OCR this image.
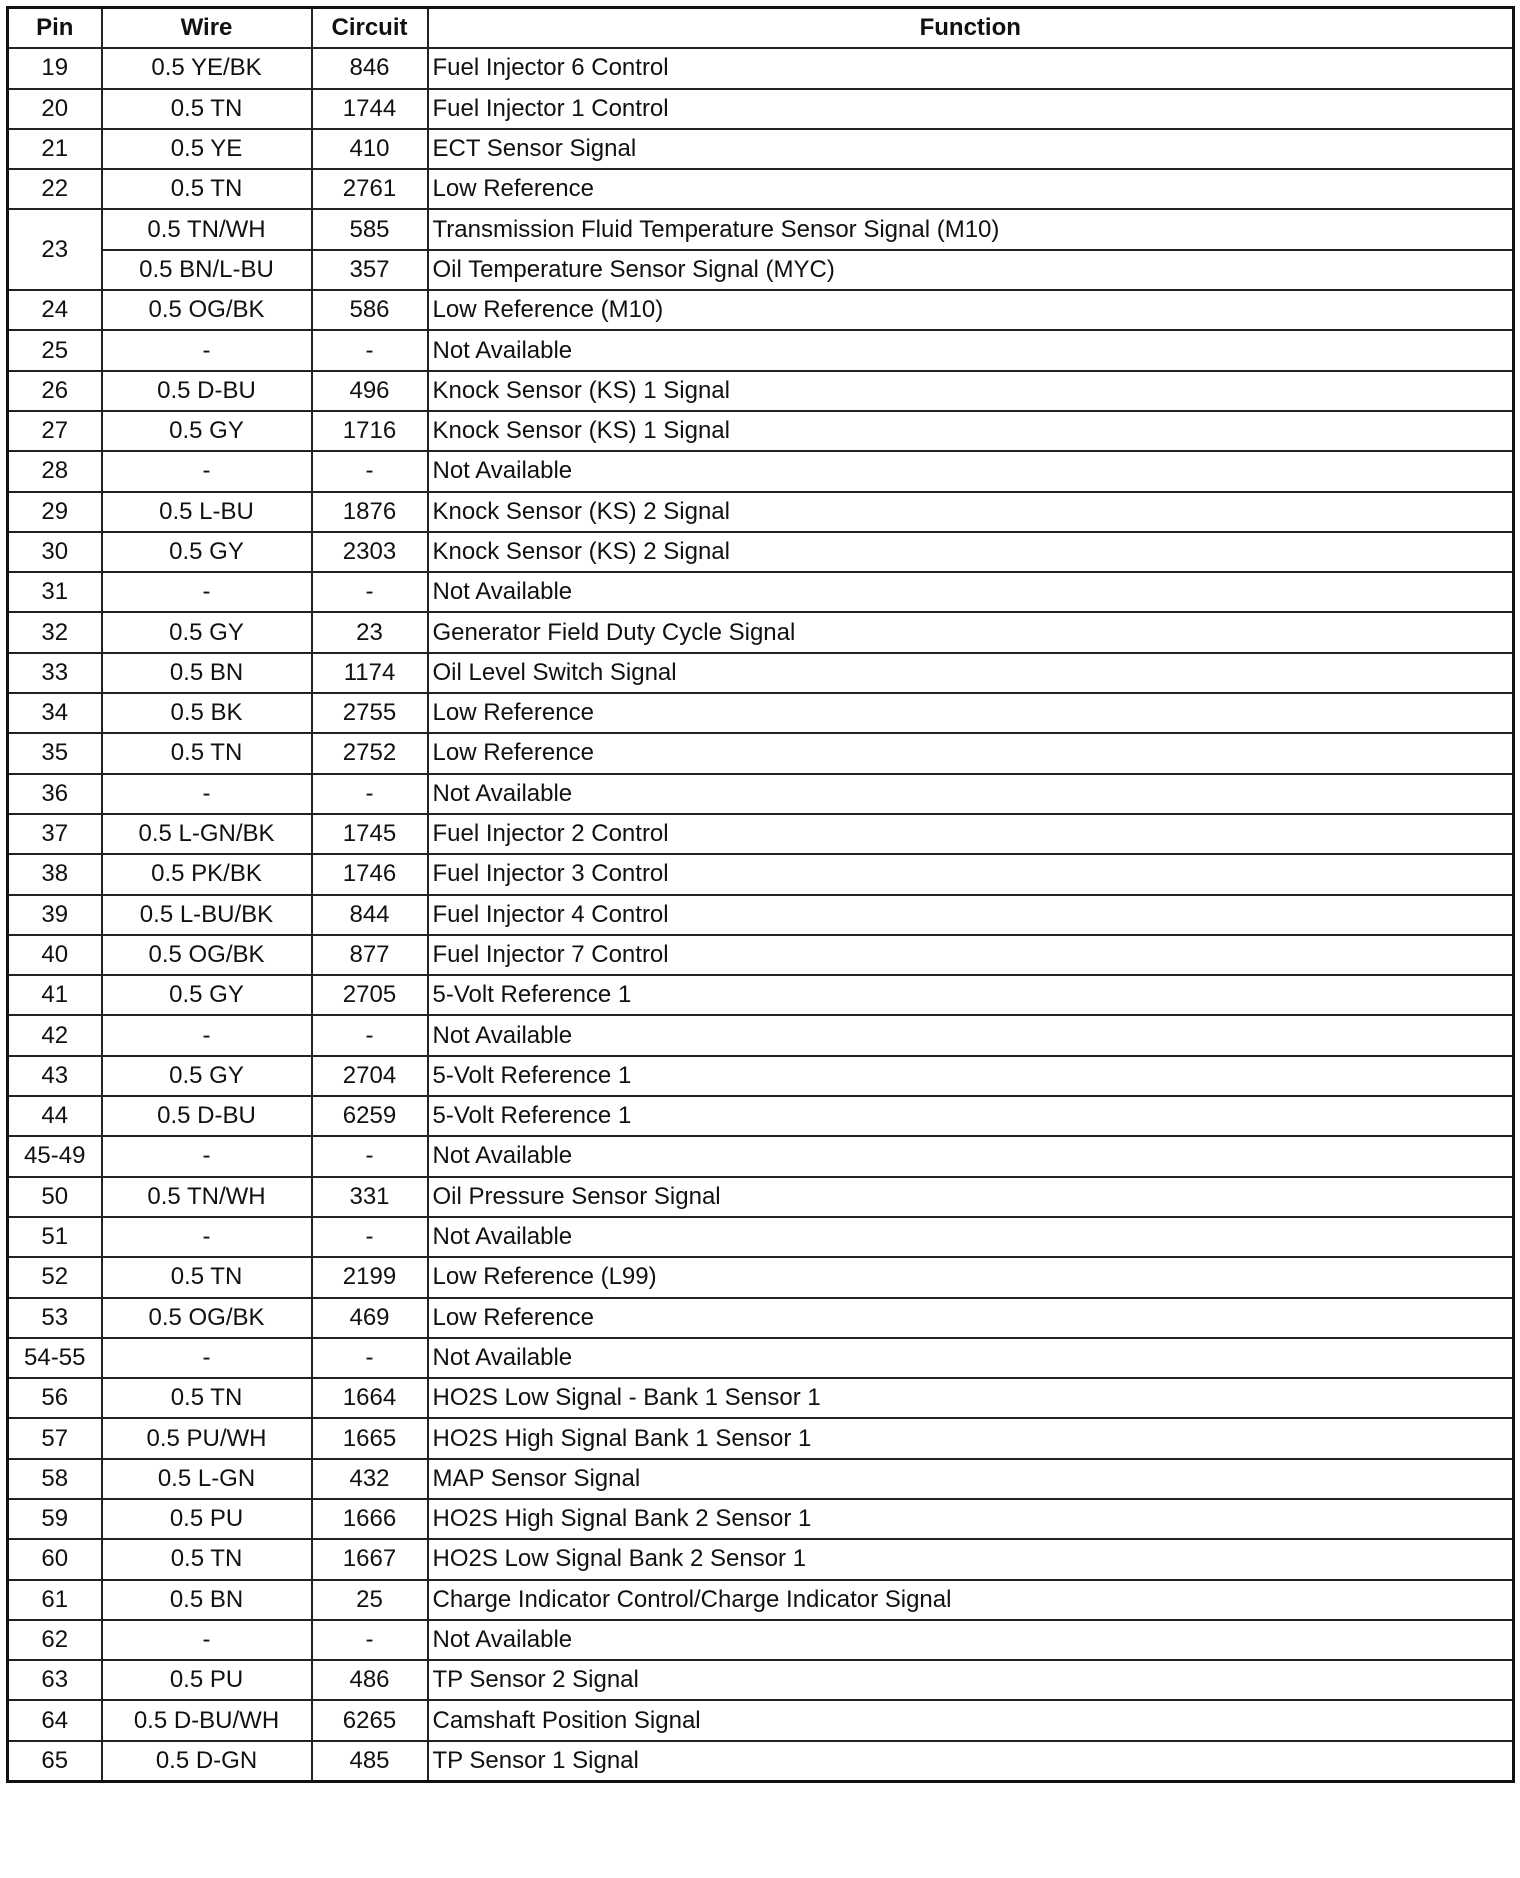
Pin	Wire	Circuit	Function
19	0.5 YE/BK	846	Fuel Injector 6 Control
20	0.5 TN	1744	Fuel Injector 1 Control
21	0.5 YE	410	ECT Sensor Signal
22	0.5 TN	2761	Low Reference
23	0.5 TN/WH	585	Transmission Fluid Temperature Sensor Signal (M10)
	0.5 BN/L-BU	357	Oil Temperature Sensor Signal (MYC)
24	0.5 OG/BK	586	Low Reference (M10)
25	-	-	Not Available
26	0.5 D-BU	496	Knock Sensor (KS) 1 Signal
27	0.5 GY	1716	Knock Sensor (KS) 1 Signal
28	-	-	Not Available
29	0.5 L-BU	1876	Knock Sensor (KS) 2 Signal
30	0.5 GY	2303	Knock Sensor (KS) 2 Signal
31	-	-	Not Available
32	0.5 GY	23	Generator Field Duty Cycle Signal
33	0.5 BN	1174	Oil Level Switch Signal
34	0.5 BK	2755	Low Reference
35	0.5 TN	2752	Low Reference
36	-	-	Not Available
37	0.5 L-GN/BK	1745	Fuel Injector 2 Control
38	0.5 PK/BK	1746	Fuel Injector 3 Control
39	0.5 L-BU/BK	844	Fuel Injector 4 Control
40	0.5 OG/BK	877	Fuel Injector 7 Control
41	0.5 GY	2705	5-Volt Reference 1
42	-	-	Not Available
43	0.5 GY	2704	5-Volt Reference 1
44	0.5 D-BU	6259	5-Volt Reference 1
45-49	-	-	Not Available
50	0.5 TN/WH	331	Oil Pressure Sensor Signal
51	-	-	Not Available
52	0.5 TN	2199	Low Reference (L99)
53	0.5 OG/BK	469	Low Reference
54-55	-	-	Not Available
56	0.5 TN	1664	HO2S Low Signal - Bank 1 Sensor 1
57	0.5 PU/WH	1665	HO2S High Signal Bank 1 Sensor 1
58	0.5 L-GN	432	MAP Sensor Signal
59	0.5 PU	1666	HO2S High Signal Bank 2 Sensor 1
60	0.5 TN	1667	HO2S Low Signal Bank 2 Sensor 1
61	0.5 BN	25	Charge Indicator Control/Charge Indicator Signal
62	-	-	Not Available
63	0.5 PU	486	TP Sensor 2 Signal
64	0.5 D-BU/WH	6265	Camshaft Position Signal
65	0.5 D-GN	485	TP Sensor 1 Signal
